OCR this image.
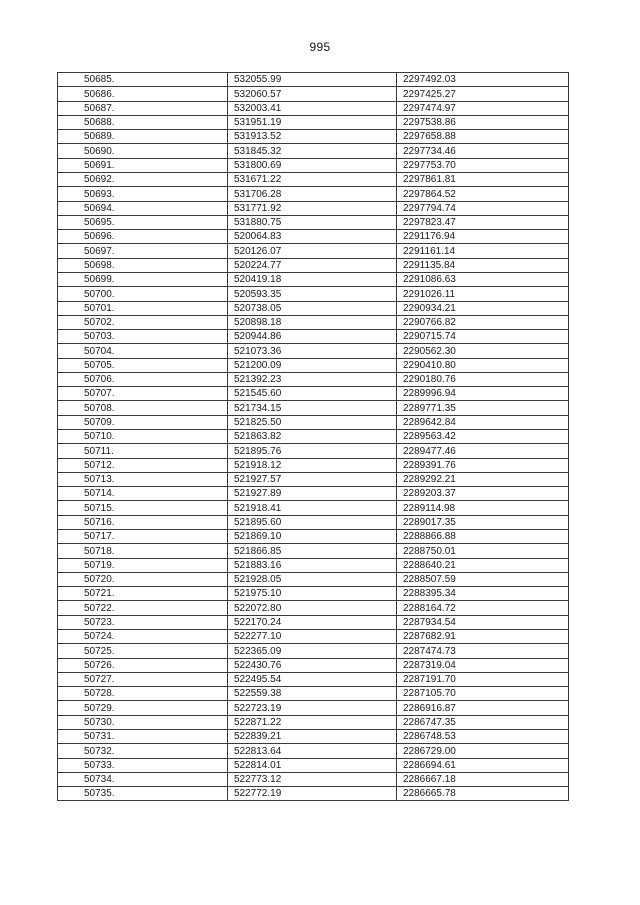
995
50685.	532055.99	2297492.03
50686.	532060.57	2297425.27
50687.	532003.41	2297474.97
50688.	531951.19	2297538.86
50689.	531913.52	2297658.88
50690.	531845.32	2297734.46
50691.	531800.69	2297753.70
50692.	531671.22	2297861.81
50693.	531706.28	2297864.52
50694.	531771.92	2297794.74
50695.	531880.75	2297823.47
50696.	520064.83	2291176.94
50697.	520126.07	2291161.14
50698.	520224.77	2291135.84
50699.	520419.18	2291086.63
50700.	520593.35	2291026.11
50701.	520738.05	2290934.21
50702.	520898.18	2290766.82
50703.	520944.86	2290715.74
50704.	521073.36	2290562.30
50705.	521200.09	2290410.80
50706.	521392.23	2290180.76
50707.	521545.60	2289996.94
50708.	521734.15	2289771.35
50709.	521825.50	2289642.84
50710.	521863.82	2289563.42
50711.	521895.76	2289477.46
50712.	521918.12	2289391.76
50713.	521927.57	2289292.21
50714.	521927.89	2289203.37
50715.	521918.41	2289114.98
50716.	521895.60	2289017.35
50717.	521869.10	2288866.88
50718.	521866.85	2288750.01
50719.	521883.16	2288640.21
50720.	521928.05	2288507.59
50721.	521975.10	2288395.34
50722.	522072.80	2288164.72
50723.	522170.24	2287934.54
50724.	522277.10	2287682.91
50725.	522365.09	2287474.73
50726.	522430.76	2287319.04
50727.	522495.54	2287191.70
50728.	522559.38	2287105.70
50729.	522723.19	2286916.87
50730.	522871.22	2286747.35
50731.	522839.21	2286748.53
50732.	522813.64	2286729.00
50733.	522814.01	2286694.61
50734.	522773.12	2286667.18
50735.	522772.19	2286665.78
